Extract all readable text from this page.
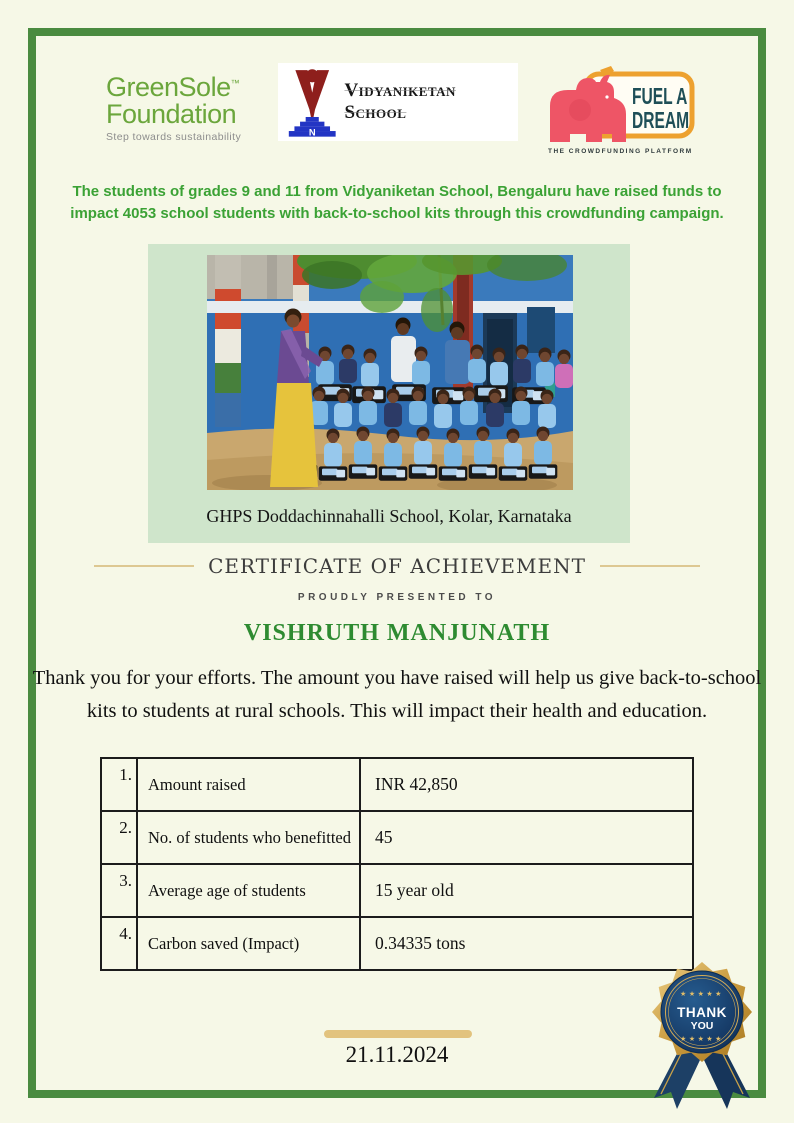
GreenSole™
Foundation
Step towards sustainability	N
Vidyaniketan School
FUEL A
DREAM
THE CROWDFUNDING PLATFORM
The students of grades 9 and 11 from Vidyaniketan School, Bengaluru have raised funds to impact 4053 school students with back-to-school kits through this crowdfunding campaign.
GHPS Doddachinnahalli School, Kolar, Karnataka
CERTIFICATE OF ACHIEVEMENT
PROUDLY PRESENTED TO
VISHRUTH MANJUNATH
Thank you for your efforts. The amount you have raised will help us give back-to-school kits to students at rural schools. This will impact their health and education.
1.	Amount raised	INR 42,850
2.	No. of students who benefitted	45
3.	Average age of students	15 year old
4.	Carbon saved (Impact)	0.34335 tons
★★★★★
THANK
YOU
★★★★★
21.11.2024
